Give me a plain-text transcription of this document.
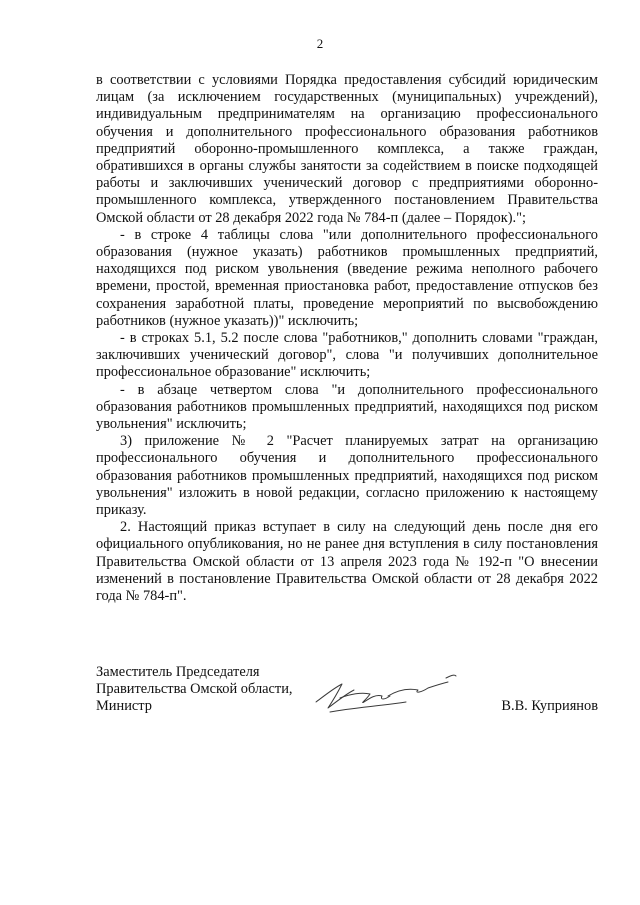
2

в соответствии с условиями Порядка предоставления субсидий юридическим лицам (за исключением государственных (муниципальных) учреждений), индивидуальным предпринимателям на организацию профессионального обучения и дополнительного профессионального образования работников предприятий оборонно-промышленного комплекса, а также граждан, обратившихся в органы службы занятости за содействием в поиске подходящей работы и заключивших ученический договор с предприятиями оборонно-промышленного комплекса, утвержденного постановлением Правительства Омской области от 28 декабря 2022 года № 784-п (далее – Порядок).";

- в строке 4 таблицы слова "или дополнительного профессионального образования (нужное указать) работников промышленных предприятий, находящихся под риском увольнения (введение режима неполного рабочего времени, простой, временная приостановка работ, предоставление отпусков без сохранения заработной платы, проведение мероприятий по высвобождению работников (нужное указать))" исключить;

- в строках 5.1, 5.2 после слова "работников," дополнить словами "граждан, заключивших ученический договор", слова "и получивших дополнительное профессиональное образование" исключить;

- в абзаце четвертом слова "и дополнительного профессионального образования работников промышленных предприятий, находящихся под риском увольнения" исключить;

3) приложение № 2 "Расчет планируемых затрат на организацию профессионального обучения и дополнительного профессионального образования работников промышленных предприятий, находящихся под риском увольнения" изложить в новой редакции, согласно приложению к настоящему приказу.

2. Настоящий приказ вступает в силу на следующий день после дня его официального опубликования, но не ранее дня вступления в силу постановления Правительства Омской области от 13 апреля 2023 года № 192-п "О внесении изменений в постановление Правительства Омской области от 28 декабря 2022 года № 784-п".

Заместитель Председателя
Правительства Омской области,
Министр	В.В. Куприянов
